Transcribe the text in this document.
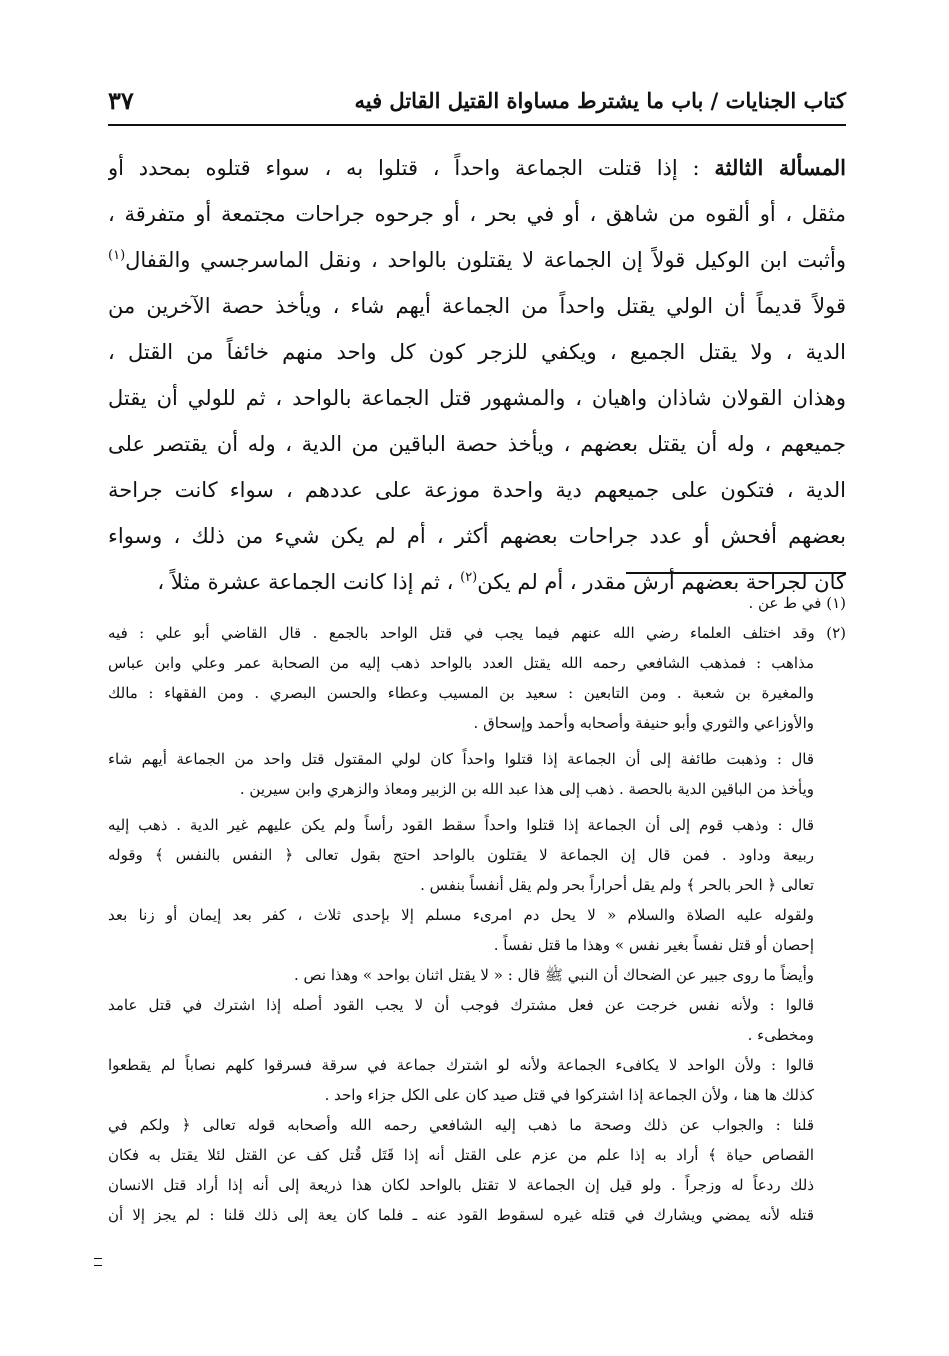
كتاب الجنايات / باب ما يشترط مساواة القتيل القاتل فيه
٣٧
المسألة الثالثة : إذا قتلت الجماعة واحداً ، قتلوا به ، سواء قتلوه بمحدد أو
مثقل ، أو ألقوه من شاهق ، أو في بحر ، أو جرحوه جراحات مجتمعة أو متفرقة ،
وأثبت ابن الوكيل قولاً إن الجماعة لا يقتلون بالواحد ، ونقل الماسرجسي والقفال$^{(١)}$
قولاً قديماً أن الولي يقتل واحداً من الجماعة أيهم شاء ، ويأخذ حصة الآخرين من
الدية ، ولا يقتل الجميع ، ويكفي للزجر كون كل واحد منهم خائفاً من القتل ،
وهذان القولان شاذان واهيان ، والمشهور قتل الجماعة بالواحد ، ثم للولي أن يقتل
جميعهم ، وله أن يقتل بعضهم ، ويأخذ حصة الباقين من الدية ، وله أن يقتصر على
الدية ، فتكون على جميعهم دية واحدة موزعة على عددهم ، سواء كانت جراحة
بعضهم أفحش أو عدد جراحات بعضهم أكثر ، أم لم يكن شيء من ذلك ، وسواء
كان لجراحة بعضهم أرش مقدر ، أم لم يكن$^{(٢)}$ ، ثم إذا كانت الجماعة عشرة مثلاً ،
(١) في ط عن .
(٢) وقد اختلف العلماء رضي الله عنهم فيما يجب في قتل الواحد بالجمع . قال القاضي أبو علي : فيه
مذاهب : فمذهب الشافعي رحمه الله يقتل العدد بالواحد ذهب إليه من الصحابة عمر وعلي وابن عباس
والمغيرة بن شعبة . ومن التابعين : سعيد بن المسيب وعطاء والحسن البصري . ومن الفقهاء : مالك
والأوزاعي والثوري وأبو حنيفة وأصحابه وأحمد وإسحاق .
قال : وذهبت طائفة إلى أن الجماعة إذا قتلوا واحداً كان لولي المقتول قتل واحد من الجماعة أيهم شاء
ويأخذ من الباقين الدية بالحصة . ذهب إلى هذا عبد الله بن الزبير ومعاذ والزهري وابن سيرين .
قال : وذهب قوم إلى أن الجماعة إذا قتلوا واحداً سقط القود رأساً ولم يكن عليهم غير الدية . ذهب إليه
ربيعة وداود . فمن قال إن الجماعة لا يقتلون بالواحد احتج بقول تعالى ﴿ النفس بالنفس ﴾ وقوله
تعالى ﴿ الحر بالحر ﴾ ولم يقل أحراراً بحر ولم يقل أنفساً بنفس .
ولقوله عليه الصلاة والسلام « لا يحل دم امرىء مسلم إلا بإحدى ثلاث ، كفر بعد إيمان أو زنا بعد
إحصان أو قتل نفساً بغير نفس » وهذا ما قتل نفساً .
وأيضاً ما روى جبير عن الضحاك أن النبي ﷺ قال : « لا يقتل اثنان بواحد » وهذا نص .
قالوا : ولأنه نفس خرجت عن فعل مشترك فوجب أن لا يجب القود أصله إذا اشترك في قتل عامد
ومخطىء .
قالوا : ولأن الواحد لا يكافىء الجماعة ولأنه لو اشترك جماعة في سرقة فسرقوا كلهم نصاباً لم يقطعوا
كذلك ها هنا ، ولأن الجماعة إذا اشتركوا في قتل صيد كان على الكل جزاء واحد .
قلنا : والجواب عن ذلك وصحة ما ذهب إليه الشافعي رحمه الله وأصحابه قوله تعالى ﴿ ولكم في
القصاص حياة ﴾ أراد به إذا علم من عزم على القتل أنه إذا قَتَل قُتل كف عن القتل لئلا يقتل به فكان
ذلك ردعاً له وزجراً . ولو قيل إن الجماعة لا تقتل بالواحد لكان هذا ذريعة إلى أنه إذا أراد قتل الانسان
قتله لأنه يمضي ويشارك في قتله غيره لسقوط القود عنه ـ فلما كان يعة إلى ذلك قلنا : لم يجز إلا أن
